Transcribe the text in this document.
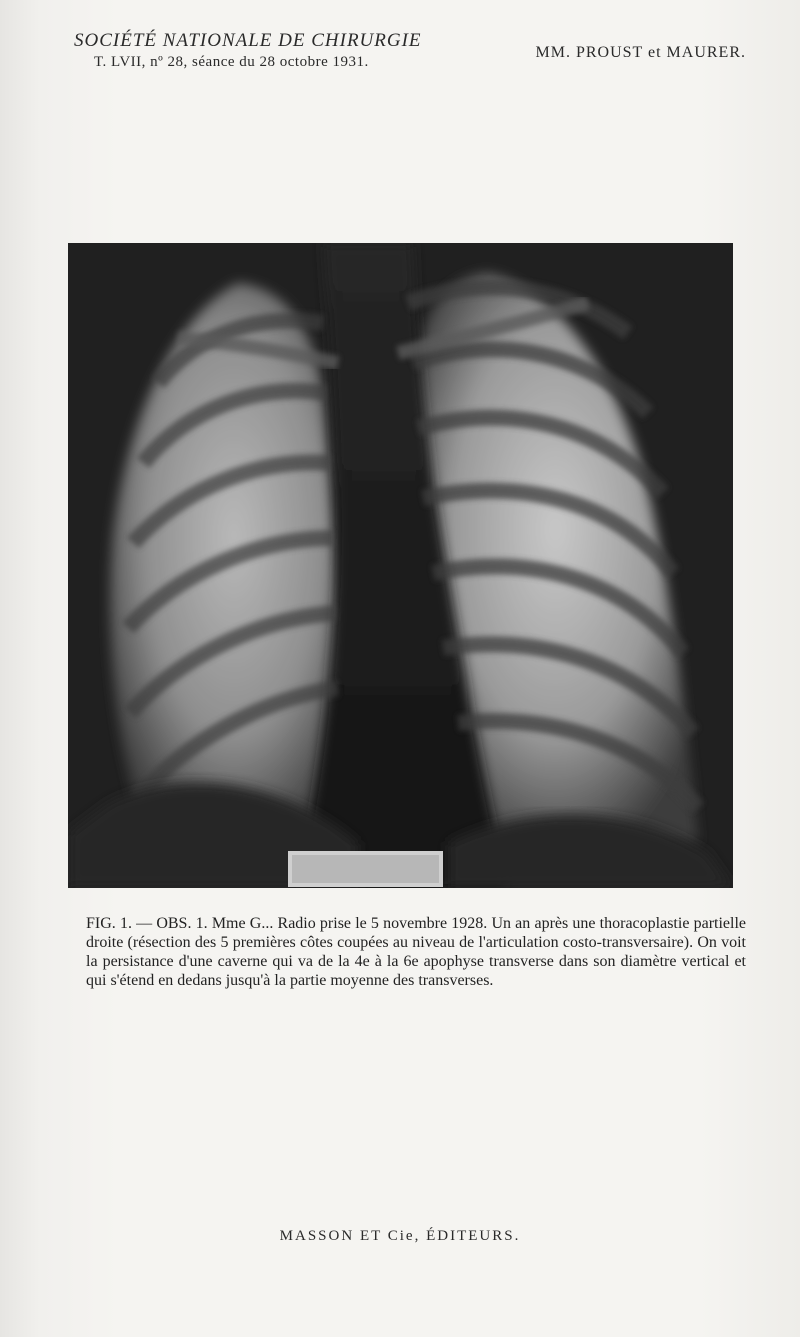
SOCIÉTÉ NATIONALE DE CHIRURGIE
T. LVII, nº 28, séance du 28 octobre 1931.
MM. PROUST et MAURER.
FIG. 1. — OBS. 1. Mme G... Radio prise le 5 novembre 1928. Un an après une thoracoplastie partielle droite (résection des 5 premières côtes coupées au niveau de l'articulation costo-transversaire). On voit la persistance d'une caverne qui va de la 4e à la 6e apophyse transverse dans son diamètre vertical et qui s'étend en dedans jusqu'à la partie moyenne des transverses.
MASSON ET Cie, ÉDITEURS.
